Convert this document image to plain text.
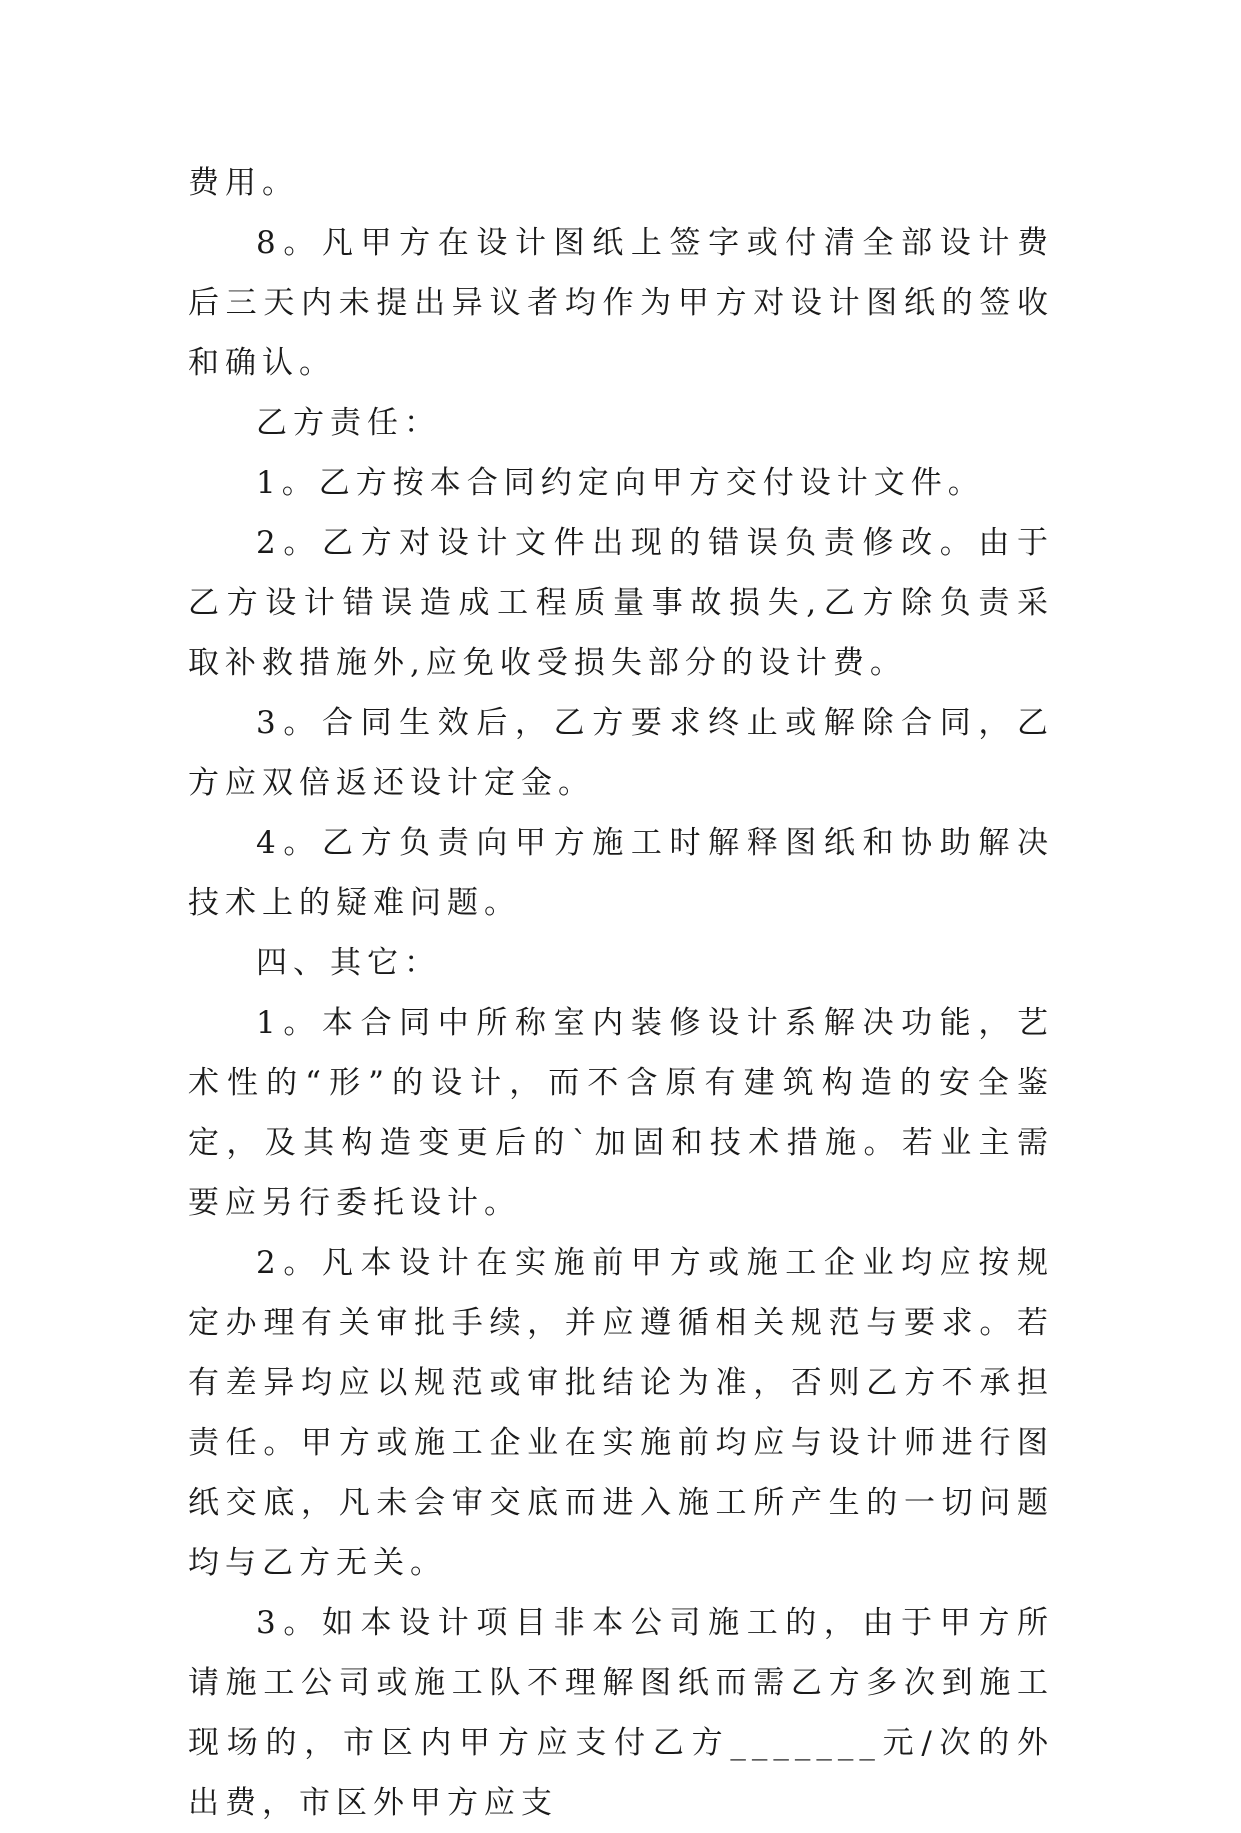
费用。

8。凡甲方在设计图纸上签字或付清全部设计费后三天内未提出异议者均作为甲方对设计图纸的签收和确认。

乙方责任：

1。乙方按本合同约定向甲方交付设计文件。

2。乙方对设计文件出现的错误负责修改。由于乙方设计错误造成工程质量事故损失,乙方除负责采取补救措施外,应免收受损失部分的设计费。

3。合同生效后，乙方要求终止或解除合同，乙方应双倍返还设计定金。

4。乙方负责向甲方施工时解释图纸和协助解决技术上的疑难问题。

四、其它：

1。本合同中所称室内装修设计系解决功能，艺术性的“形”的设计，而不含原有建筑构造的安全鉴定，及其构造变更后的`加固和技术措施。若业主需要应另行委托设计。

2。凡本设计在实施前甲方或施工企业均应按规定办理有关审批手续，并应遵循相关规范与要求。若有差异均应以规范或审批结论为准，否则乙方不承担责任。甲方或施工企业在实施前均应与设计师进行图纸交底，凡未会审交底而进入施工所产生的一切问题均与乙方无关。

3。如本设计项目非本公司施工的，由于甲方所请施工公司或施工队不理解图纸而需乙方多次到施工现场的，市区内甲方应支付乙方_______元/次的外出费，市区外甲方应支
